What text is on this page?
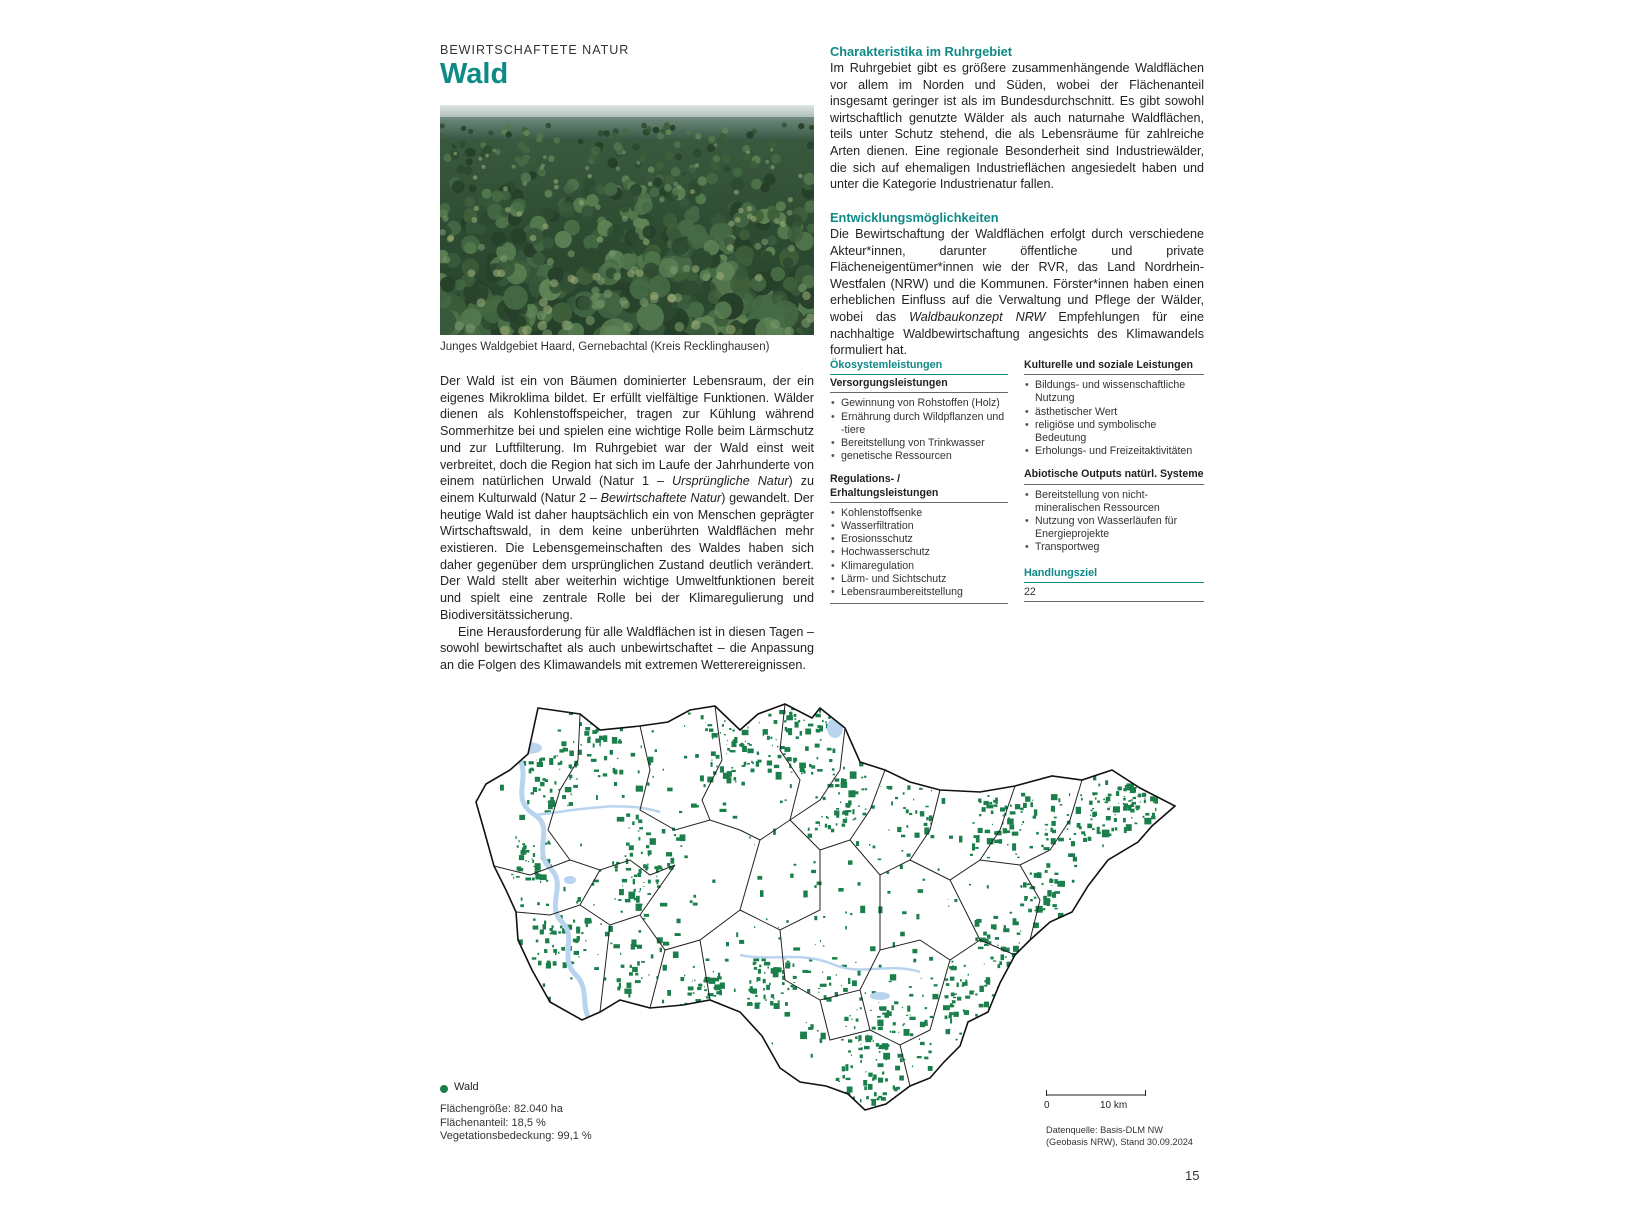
BEWIRTSCHAFTETE NATUR
Wald
Junges Waldgebiet Haard, Gernebachtal (Kreis Recklinghausen)

Der Wald ist ein von Bäumen dominierter Lebensraum, der ein eigenes Mikroklima bildet. Er erfüllt vielfältige Funktionen. Wälder dienen als Kohlenstoffspeicher, tragen zur Kühlung während Sommerhitze bei und spielen eine wichtige Rolle beim Lärmschutz und zur Luftfilterung. Im Ruhrgebiet war der Wald einst weit verbreitet, doch die Region hat sich im Laufe der Jahrhunderte von einem natürlichen Urwald (Natur 1 – Ursprüngliche Natur) zu einem Kulturwald (Natur 2 – Bewirtschaftete Natur) gewandelt. Der heutige Wald ist daher hauptsächlich ein von Menschen geprägter Wirtschaftswald, in dem keine unberührten Waldflächen mehr existieren. Die Lebensgemeinschaften des Waldes haben sich daher gegenüber dem ursprünglichen Zustand deutlich verändert. Der Wald stellt aber weiterhin wichtige Umweltfunktionen bereit und spielt eine zentrale Rolle bei der Klimaregulierung und Biodiversitätssicherung.

Eine Herausforderung für alle Waldflächen ist in diesen Tagen – sowohl bewirtschaftet als auch unbewirtschaftet – die Anpassung an die Folgen des Klimawandels mit extremen Wetterereignissen.

Charakteristika im Ruhrgebiet

Im Ruhrgebiet gibt es größere zusammenhängende Waldflächen vor allem im Norden und Süden, wobei der Flächenanteil insgesamt geringer ist als im Bundesdurchschnitt. Es gibt sowohl wirtschaftlich genutzte Wälder als auch naturnahe Waldflächen, teils unter Schutz stehend, die als Lebensräume für zahlreiche Arten dienen. Eine regionale Besonderheit sind Industriewälder, die sich auf ehemaligen Industrieflächen angesiedelt haben und unter die Kategorie Industrienatur fallen.

Entwicklungsmöglichkeiten

Die Bewirtschaftung der Waldflächen erfolgt durch verschiedene Akteur*innen, darunter öffentliche und private Flächeneigentümer*innen wie der RVR, das Land Nordrhein-Westfalen (NRW) und die Kommunen. Förster*innen haben einen erheblichen Einfluss auf die Verwaltung und Pflege der Wälder, wobei das Waldbaukonzept NRW Empfehlungen für eine nachhaltige Waldbewirtschaftung angesichts des Klimawandels formuliert hat.

Ökosystemleistungen
Versorgungsleistungen
• Gewinnung von Rohstoffen (Holz)
• Ernährung durch Wildpflanzen und -tiere
• Bereitstellung von Trinkwasser
• genetische Ressourcen
Regulations- / Erhaltungsleistungen
• Kohlenstoffsenke
• Wasserfiltration
• Erosionsschutz
• Hochwasserschutz
• Klimaregulation
• Lärm- und Sichtschutz
• Lebensraumbereitstellung
Kulturelle und soziale Leistungen
• Bildungs- und wissenschaftliche Nutzung
• ästhetischer Wert
• religiöse und symbolische Bedeutung
• Erholungs- und Freizeitaktivitäten
Abiotische Outputs natürl. Systeme
• Bereitstellung von nicht-mineralischen Ressourcen
• Nutzung von Wasserläufen für Energieprojekte
• Transportweg
Handlungsziel
22
Wald
Flächengröße: 82.040 ha
Flächenanteil: 18,5 %
Vegetationsbedeckung: 99,1 %
0	10 km
Datenquelle: Basis-DLM NW
(Geobasis NRW), Stand 30.09.2024
15
